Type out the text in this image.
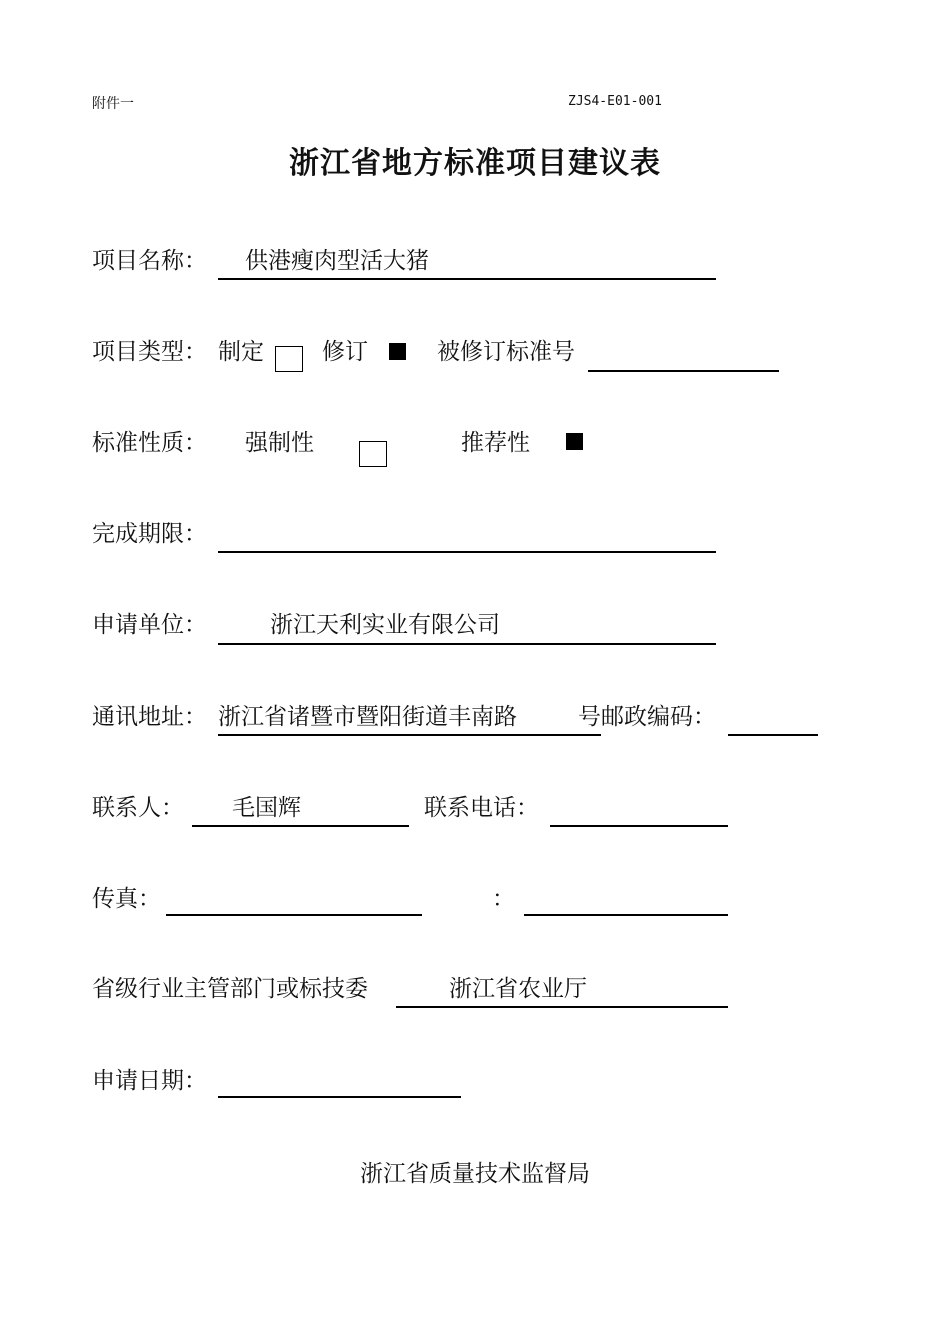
附件一	ZJS4-E01-001
浙江省地方标准项目建议表
项目名称： 供港瘦肉型活大猪
项目类型： 制定	修订	被修订标准号
标准性质： 强制性	推荐性
完成期限：
申请单位：	浙江天利实业有限公司
通讯地址： 浙江省诸暨市暨阳街道丰南路	号邮政编码：
联系人： 毛国辉	联系电话：
传真：	：
省级行业主管部门或标技委	浙江省农业厅
申请日期：
浙江省质量技术监督局
